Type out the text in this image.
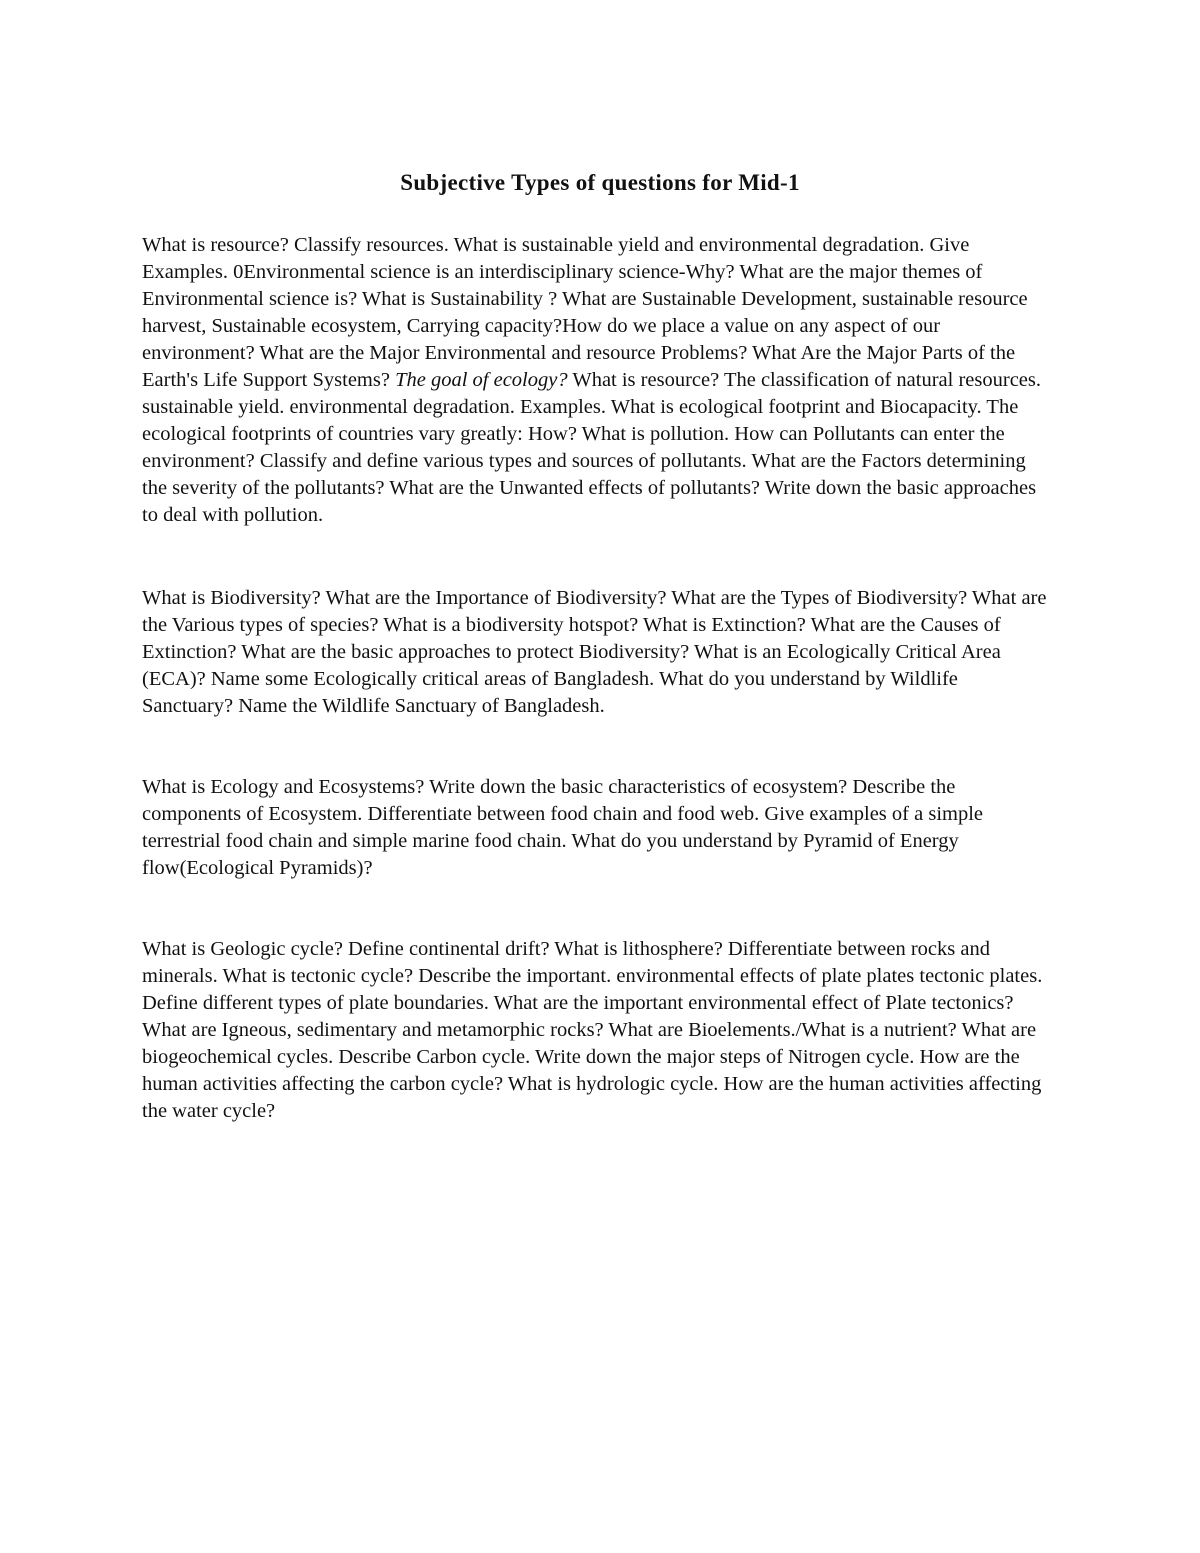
Subjective Types of questions for Mid-1

What is resource? Classify resources. What is sustainable yield and environmental degradation. Give Examples. 0Environmental science is an interdisciplinary science-Why? What are the major themes of Environmental science is? What is Sustainability ? What are Sustainable Development, sustainable resource harvest, Sustainable ecosystem, Carrying capacity?How do we place a value on any aspect of our environment? What are the Major Environmental and resource Problems? What Are the Major Parts of the Earth's Life Support Systems? The goal of ecology? What is resource? The classification of natural resources. sustainable yield. environmental degradation. Examples. What is ecological footprint and Biocapacity. The ecological footprints of countries vary greatly: How? What is pollution. How can Pollutants can enter the environment? Classify and define various types and sources of pollutants. What are the Factors determining the severity of the pollutants? What are the Unwanted effects of pollutants? Write down the basic approaches to deal with pollution.

What is Biodiversity? What are the Importance of Biodiversity? What are the Types of Biodiversity? What are the Various types of species? What is a biodiversity hotspot? What is Extinction? What are the Causes of Extinction? What are the basic approaches to protect Biodiversity? What is an Ecologically Critical Area (ECA)? Name some Ecologically critical areas of Bangladesh. What do you understand by Wildlife Sanctuary? Name the Wildlife Sanctuary of Bangladesh.

What is Ecology and Ecosystems? Write down the basic characteristics of ecosystem? Describe the components of Ecosystem. Differentiate between food chain and food web. Give examples of a simple terrestrial food chain and simple marine food chain. What do you understand by Pyramid of Energy flow(Ecological Pyramids)?

What is Geologic cycle? Define continental drift? What is lithosphere? Differentiate between rocks and minerals. What is tectonic cycle? Describe the important. environmental effects of plate plates tectonic plates. Define different types of plate boundaries. What are the important environmental effect of Plate tectonics? What are Igneous, sedimentary and metamorphic rocks? What are Bioelements./What is a nutrient? What are biogeochemical cycles. Describe Carbon cycle. Write down the major steps of Nitrogen cycle. How are the human activities affecting the carbon cycle? What is hydrologic cycle. How are the human activities affecting the water cycle?
